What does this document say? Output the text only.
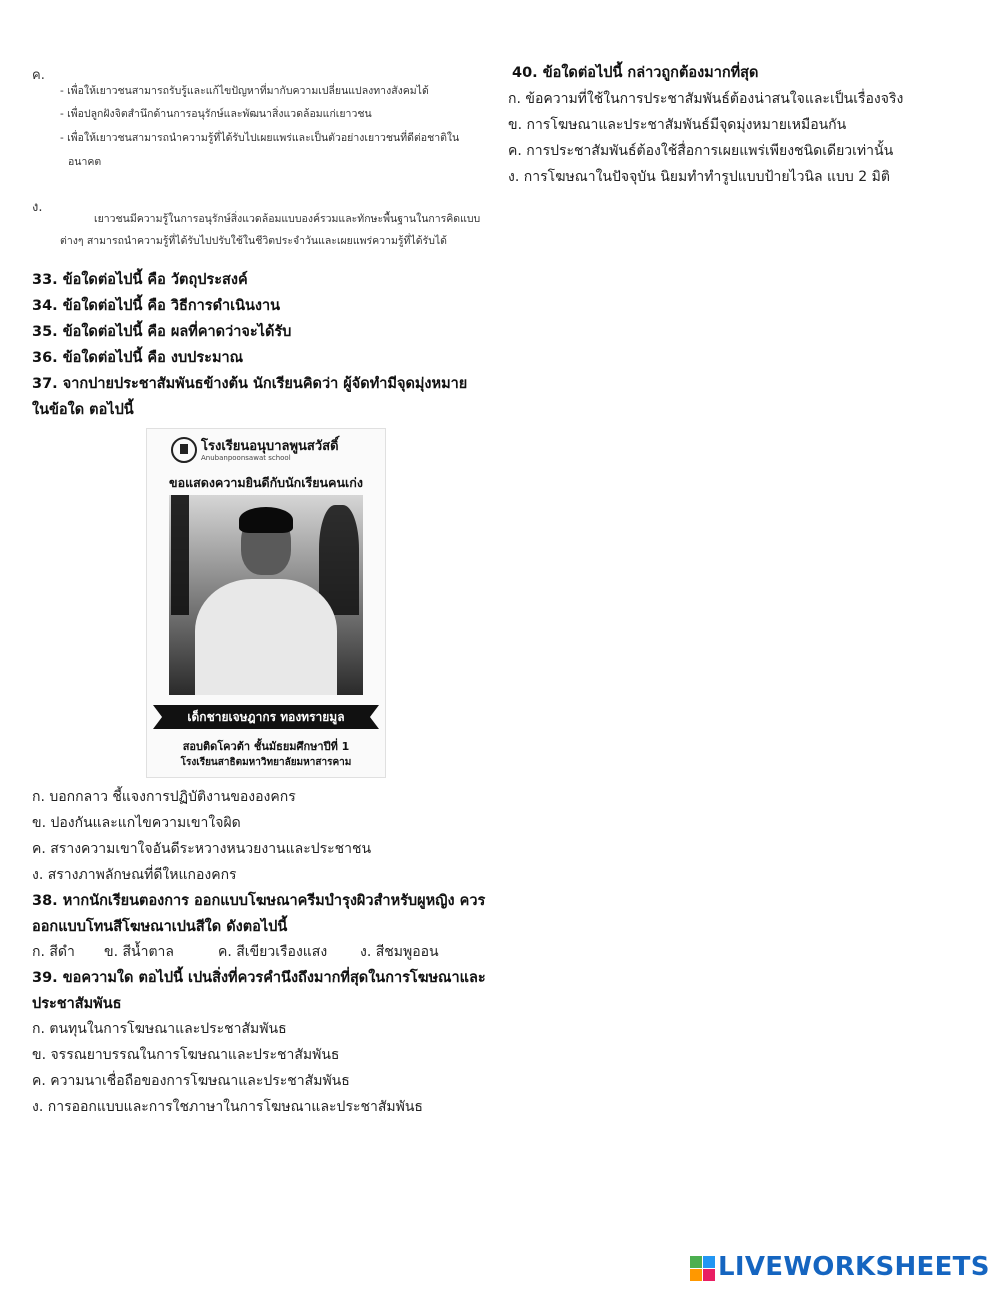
ค.
- เพื่อให้เยาวชนสามารถรับรู้และแก้ไขปัญหาที่มากับความเปลี่ยนแปลงทางสังคมได้
- เพื่อปลูกฝังจิตสำนึกด้านการอนุรักษ์และพัฒนาสิ่งแวดล้อมแก่เยาวชน
- เพื่อให้เยาวชนสามารถนำความรู้ที่ได้รับไปเผยแพร่และเป็นตัวอย่างเยาวชนที่ดีต่อชาติใน
อนาคต
ง.
เยาวชนมีความรู้ในการอนุรักษ์สิ่งแวดล้อมแบบองค์รวมและทักษะพื้นฐานในการคิดแบบ
ต่างๆ สามารถนำความรู้ที่ได้รับไปปรับใช้ในชีวิตประจำวันและเผยแพร่ความรู้ที่ได้รับได้
33. ข้อใดต่อไปนี้ คือ วัตถุประสงค์
34. ข้อใดต่อไปนี้ คือ วิธีการดำเนินงาน
35. ข้อใดต่อไปนี้ คือ ผลที่คาดว่าจะได้รับ
36. ข้อใดต่อไปนี้ คือ งบประมาณ
37. จากปายประชาสัมพันธข้างต้น นักเรียนคิดว่า ผู้จัดทำมีจุดมุ่งหมาย
ในข้อใด ตอไปนี้
โรงเรียนอนุบาลพูนสวัสดิ์
Anubanpoonsawat school
ขอแสดงความยินดีกับนักเรียนคนเก่ง
เด็กชายเจษฎากร ทองทรายมูล
สอบติดโควต้า ชั้นมัธยมศึกษาปีที่ 1
โรงเรียนสาธิตมหาวิทยาลัยมหาสารคาม
ก. บอกกลาว ชี้แจงการปฏิบัติงานขององคกร
ข. ปองกันและแกไขความเขาใจผิด
ค. สรางความเขาใจอันดีระหวางหนวยงานและประชาชน
ง. สรางภาพลักษณที่ดีใหแกองคกร
38. หากนักเรียนตองการ ออกแบบโฆษณาครีมบำรุงผิวสำหรับผูหญิง ควร
ออกแบบโทนสีโฆษณาเปนสีใด ดังตอไปนี้
ก. สีดำ ข. สีน้ำตาล	ค. สีเขียวเรืองแสง ง. สีชมพูออน
39. ขอความใด ตอไปนี้ เปนสิ่งที่ควรคำนึงถึงมากที่สุดในการโฆษณาและ
ประชาสัมพันธ
ก. ตนทุนในการโฆษณาและประชาสัมพันธ
ข. จรรณยาบรรณในการโฆษณาและประชาสัมพันธ
ค. ความนาเชื่อถือของการโฆษณาและประชาสัมพันธ
ง. การออกแบบและการใชภาษาในการโฆษณาและประชาสัมพันธ
40. ข้อใดต่อไปนี้ กล่าวถูกต้องมากที่สุด
ก. ข้อความที่ใช้ในการประชาสัมพันธ์ต้องน่าสนใจและเป็นเรื่องจริง
ข. การโฆษณาและประชาสัมพันธ์มีจุดมุ่งหมายเหมือนกัน
ค. การประชาสัมพันธ์ต้องใช้สื่อการเผยแพร่เพียงชนิดเดียวเท่านั้น
ง. การโฆษณาในปัจจุบัน นิยมทำทำรูปแบบป้ายไวนิล แบบ 2 มิติ
LIVEWORKSHEETS
